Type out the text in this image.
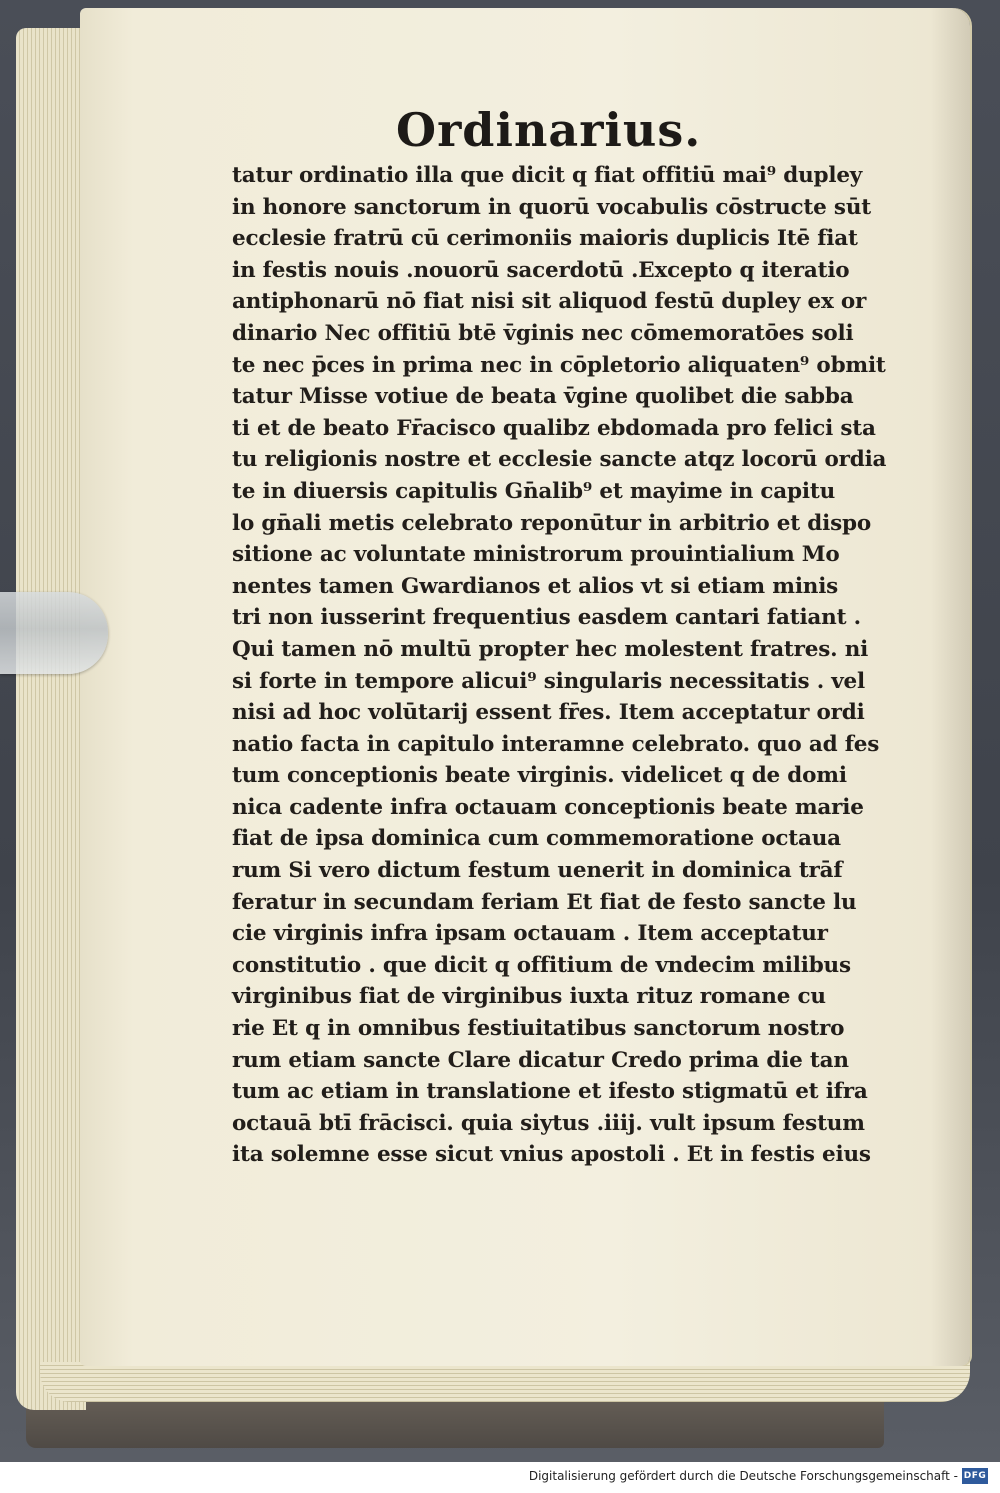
Ordinarius.
tatur ordinatio illa que dicit q fiat offitiū mai⁹ dupley
in honore sanctorum in quorū vocabulis cōstructe sūt
ecclesie fratrū cū cerimoniis maioris duplicis Itē fiat
in festis nouis .nouorū sacerdotū .Excepto q iteratio
antiphonarū nō fiat nisi sit aliquod festū dupley ex or
dinario Nec offitiū btē v̄ginis nec cōmemoratōes soli
te nec p̄ces in prima nec in cōpletorio aliquaten⁹ obmit
tatur Misse votiue de beata v̄gine quolibet die sabba
ti et de beato Fr̄acisco qualibz ebdomada pro felici sta
tu religionis nostre et ecclesie sancte atqz locorū ordia
te in diuersis capitulis Gn̄alib⁹ et mayime in capitu
lo gn̄ali metis celebrato reponūtur in arbitrio et dispo
sitione ac voluntate ministrorum prouintialium Mo
nentes tamen Gwardianos et alios vt si etiam minis
tri non iusserint frequentius easdem cantari fatiant .
Qui tamen nō multū propter hec molestent fratres. ni
si forte in tempore alicui⁹ singularis necessitatis . vel
nisi ad hoc volūtarij essent fr̄es. Item acceptatur ordi
natio facta in capitulo interamne celebrato. quo ad fes
tum conceptionis beate virginis. videlicet q de domi
nica cadente infra octauam conceptionis beate marie
fiat de ipsa dominica cum commemoratione octaua
rum Si vero dictum festum uenerit in dominica trāf
feratur in secundam feriam Et fiat de festo sancte lu
cie virginis infra ipsam octauam . Item acceptatur
constitutio . que dicit q offitium de vndecim milibus
virginibus fiat de virginibus iuxta rituz romane cu
rie Et q in omnibus festiuitatibus sanctorum nostro
rum etiam sancte Clare dicatur Credo prima die tan
tum ac etiam in translatione et ifesto stigmatū et ifra
octauā btī frācisci. quia siytus .iiij. vult ipsum festum
ita solemne esse sicut vnius apostoli . Et in festis eius
Digitalisierung gefördert durch die Deutsche Forschungsgemeinschaft - DFG
